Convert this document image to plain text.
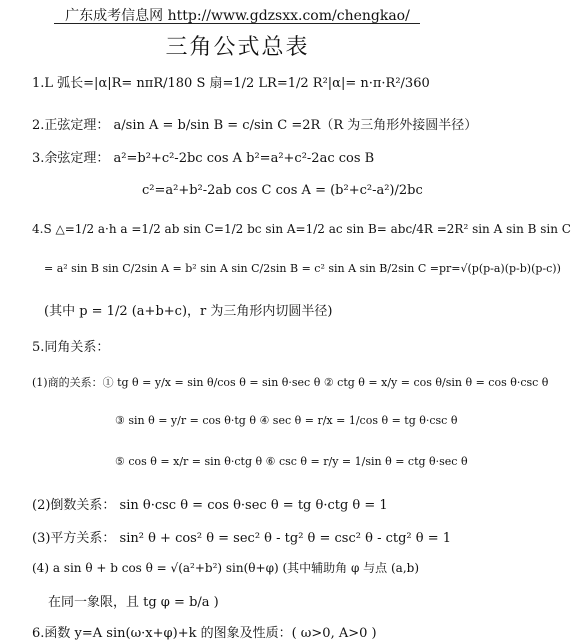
广东成考信息网 http://www.gdzsxx.com/chengkao/
三角公式总表
1.L 弧长=|α|R= nπR/180 S 扇=1/2 LR=1/2 R²|α|= n·π·R²/360
2.正弦定理： a/sin A = b/sin B = c/sin C =2R（R 为三角形外接圆半径）
3.余弦定理： a²=b²+c²-2bc cos A b²=a²+c²-2ac cos B
c²=a²+b²-2ab cos C cos A = (b²+c²-a²)/2bc
4.S △=1/2 a·h a =1/2 ab sin C=1/2 bc sin A=1/2 ac sin B= abc/4R =2R² sin A sin B sin C
= a² sin B sin C/2sin A = b² sin A sin C/2sin B = c² sin A sin B/2sin C =pr=√(p(p-a)(p-b)(p-c))
(其中 p = 1/2 (a+b+c)，r 为三角形内切圆半径)
5.同角关系：
(1)商的关系：① tg θ = y/x = sin θ/cos θ = sin θ·sec θ ② ctg θ = x/y = cos θ/sin θ = cos θ·csc θ
③ sin θ = y/r = cos θ·tg θ ④ sec θ = r/x = 1/cos θ = tg θ·csc θ
⑤ cos θ = x/r = sin θ·ctg θ ⑥ csc θ = r/y = 1/sin θ = ctg θ·sec θ
(2)倒数关系： sin θ·csc θ = cos θ·sec θ = tg θ·ctg θ = 1
(3)平方关系： sin² θ + cos² θ = sec² θ - tg² θ = csc² θ - ctg² θ = 1
(4) a sin θ + b cos θ = √(a²+b²) sin(θ+φ) (其中辅助角 φ 与点 (a,b)
在同一象限，且 tg φ = b/a )
6.函数 y=A sin(ω·x+φ)+k 的图象及性质：( ω>0, A>0 )
